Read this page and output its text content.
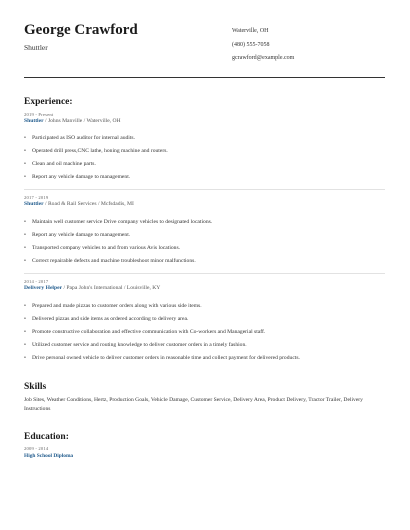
George Crawford
Shuttler
Waterville, OH
(480) 555-7058
gcrawford@example.com
Experience:
2019 - Present
Shuttler / Johns Manville / Waterville, OH
• Participated as ISO auditor for internal audits.
• Operated drill press,CNC lathe, honing machine and routers.
• Clean and oil machine parts.
• Report any vehicle damage to management.
2017 - 2019
Shuttler / Road & Rail Services / Mcfsdadis, MI
• Maintain well customer service Drive company vehicles to designated locations.
• Report any vehicle damage to management.
• Transported company vehicles to and from various Avis locations.
• Correct repairable defects and machine troubleshoot minor malfunctions.
2014 - 2017
Delivery Helper / Papa John's International / Louisville, KY
• Prepared and made pizzas to customer orders along with various side items.
• Delivered pizzas and side items as ordered according to delivery area.
• Promote constructive collaboration and effective communication with Co-workers and Managerial staff.
• Utilized customer service and routing knowledge to deliver customer orders in a timely fashion.
• Drive personal owned vehicle to deliver customer orders in reasonable time and collect payment for delivered products.
Skills
Job Sites, Weather Conditions, Hertz, Production Goals, Vehicle Damage, Customer Service, Delivery Area, Product Delivery, Tractor Trailer, Delivery Instructions
Education:
2009 - 2014
High School Diploma
